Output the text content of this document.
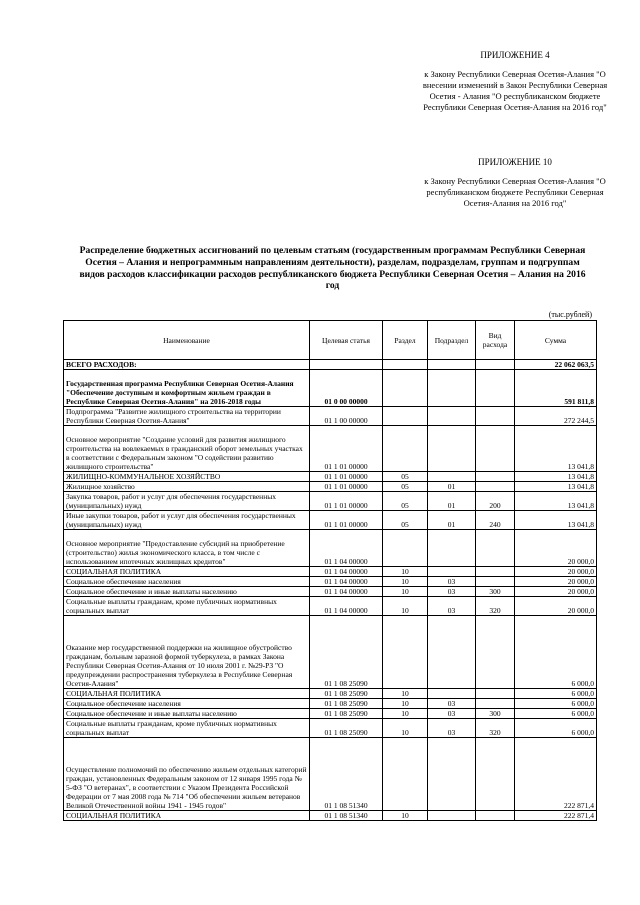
ПРИЛОЖЕНИЕ 4
к Закону Республики Северная Осетия-Алания "О внесении изменений в Закон Республики Северная Осетия - Алания "О республиканском бюджете Республики Северная Осетия-Алания на 2016 год"
ПРИЛОЖЕНИЕ 10
к Закону Республики Северная Осетия-Алания "О республиканском бюджете Республики Северная Осетия-Алания на 2016 год"
Распределение бюджетных ассигнований по целевым статьям (государственным программам Республики Северная Осетия – Алания и непрограммным направлениям деятельности), разделам, подразделам, группам и подгруппам видов расходов классификации расходов республиканского бюджета Республики Северная Осетия – Алания на 2016 год
(тыс.рублей)
Наименование	Целевая статья	Раздел	Подраздел	Вид расхода	Сумма
ВСЕГО РАСХОДОВ:					22 062 063,5
Государственная программа Республики Северная Осетия-Алания "Обеспечение доступным и комфортным жильем граждан в Республике Северная Осетия-Алания" на 2016-2018 годы	01 0 00 00000				591 811,8
Подпрограмма "Развитие жилищного строительства на территории Республики Северная Осетия-Алания"	01 1 00 00000				272 244,5
Основное мероприятие "Создание условий для развития жилищного строительства на вовлекаемых в гражданский оборот земельных участках в соответствии с Федеральным законом "О содействии развитию жилищного строительства"	01 1 01 00000				13 041,8
ЖИЛИЩНО-КОММУНАЛЬНОЕ ХОЗЯЙСТВО	01 1 01 00000	05			13 041,8
Жилищное хозяйство	01 1 01 00000	05	01		13 041,8
Закупка товаров, работ и услуг для обеспечения государственных (муниципальных) нужд	01 1 01 00000	05	01	200	13 041,8
Иные закупки товаров, работ и услуг для обеспечения государственных (муниципальных) нужд	01 1 01 00000	05	01	240	13 041,8
Основное мероприятие "Предоставление субсидий на приобретение (строительство) жилья экономического класса, в том числе с использованием ипотечных жилищных кредитов"	01 1 04 00000				20 000,0
СОЦИАЛЬНАЯ ПОЛИТИКА	01 1 04 00000	10			20 000,0
Социальное обеспечение населения	01 1 04 00000	10	03		20 000,0
Социальное обеспечение и иные выплаты населению	01 1 04 00000	10	03	300	20 000,0
Социальные выплаты гражданам, кроме публичных нормативных социальных выплат	01 1 04 00000	10	03	320	20 000,0
Оказание мер государственной поддержки на жилищное обустройство гражданам, больным заразной формой туберкулеза, в рамках Закона Республики Северная Осетия-Алания от 10 июля 2001 г. №29-РЗ "О предупреждении распространения туберкулеза в Республике Северная Осетия-Алания"	01 1 08 25090				6 000,0
СОЦИАЛЬНАЯ ПОЛИТИКА	01 1 08 25090	10			6 000,0
Социальное обеспечение населения	01 1 08 25090	10	03		6 000,0
Социальное обеспечение и иные выплаты населению	01 1 08 25090	10	03	300	6 000,0
Социальные выплаты гражданам, кроме публичных нормативных социальных выплат	01 1 08 25090	10	03	320	6 000,0
Осуществление полномочий по обеспечению жильем отдельных категорий граждан, установленных Федеральным законом от 12 января 1995 года № 5-ФЗ "О ветеранах", в соответствии с Указом Президента Российской Федерации от 7 мая 2008 года № 714 "Об обеспечении жильем ветеранов Великой Отечественной войны 1941 - 1945 годов"	01 1 08 51340				222 871,4
СОЦИАЛЬНАЯ ПОЛИТИКА	01 1 08 51340	10			222 871,4
